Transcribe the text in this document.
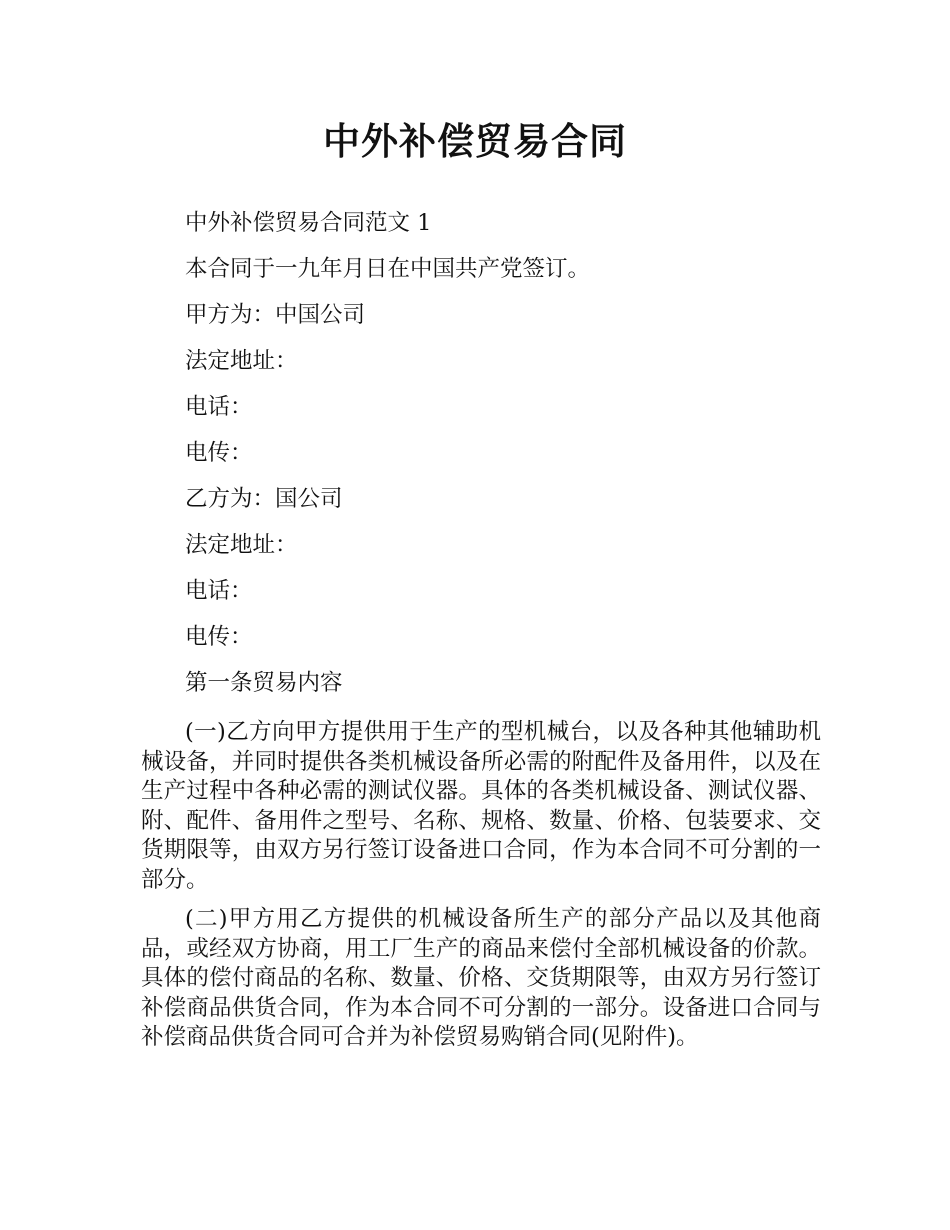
中外补偿贸易合同

中外补偿贸易合同范文 1

本合同于一九年月日在中国共产党签订。

甲方为：中国公司

法定地址：

电话：

电传：

乙方为：国公司

法定地址：

电话：

电传：

第一条贸易内容

(一)乙方向甲方提供用于生产的型机械台，以及各种其他辅助机械设备，并同时提供各类机械设备所必需的附配件及备用件，以及在生产过程中各种必需的测试仪器。具体的各类机械设备、测试仪器、附、配件、备用件之型号、名称、规格、数量、价格、包装要求、交货期限等，由双方另行签订设备进口合同，作为本合同不可分割的一部分。

(二)甲方用乙方提供的机械设备所生产的部分产品以及其他商品，或经双方协商，用工厂生产的商品来偿付全部机械设备的价款。具体的偿付商品的名称、数量、价格、交货期限等，由双方另行签订补偿商品供货合同，作为本合同不可分割的一部分。设备进口合同与补偿商品供货合同可合并为补偿贸易购销合同(见附件)。
